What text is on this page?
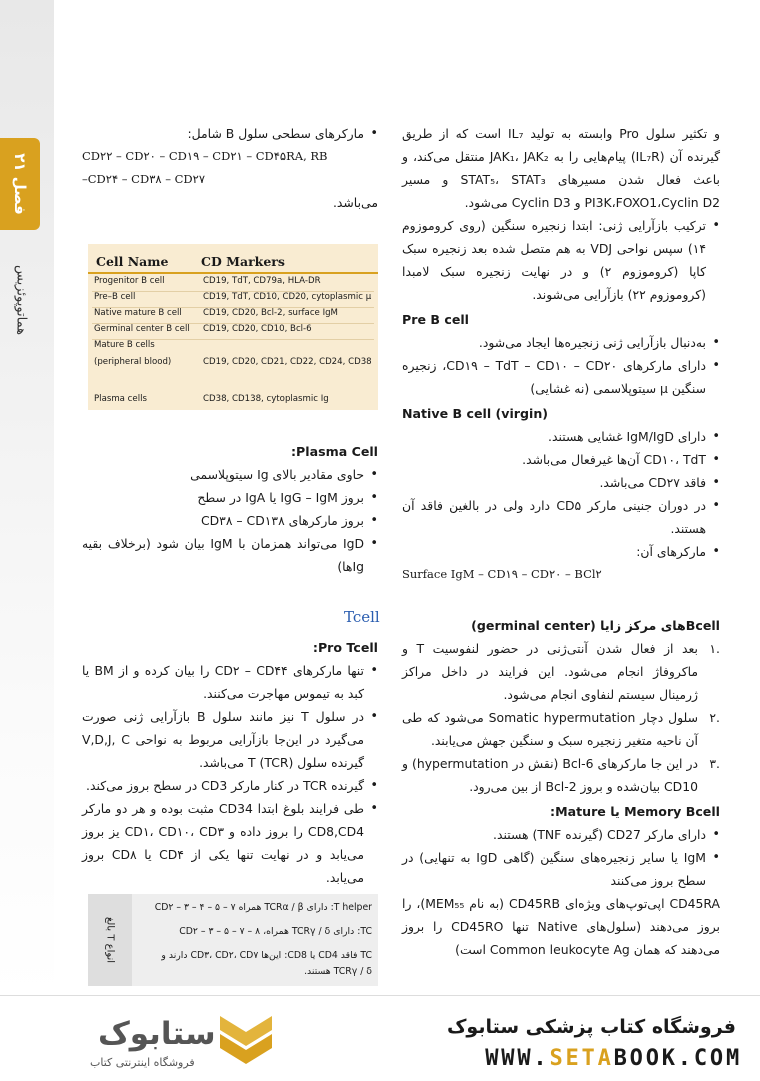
فصل ۲۱
هماتوپوئزیس

و تکثیر سلول Pro وابسته به تولید IL₇ است که از طریق گیرنده آن (IL₇R) پیام‌هایی را به JAK₁، JAK₂ منتقل می‌کند، و باعث فعال شدن مسیرهای STAT₅، STAT₃ و مسیر PI3K،FOXO1،Cyclin D2 و Cyclin D3 می‌شود.

• ترکیب بازآرایی ژنی: ابتدا زنجیره سنگین (روی کروموزوم ۱۴) سپس نواحی VDJ به هم متصل شده بعد زنجیره سبک کاپا (کروموزوم ۲) و در نهایت زنجیره سبک لامبدا (کروموزوم ۲۲) بازآرایی می‌شوند.

Pre B cell

• به‌دنبال بازآرایی ژنی زنجیره‌ها ایجاد می‌شود.

• دارای مارکرهای CD۱۹ – TdT – CD۱۰ – CD۲۰، زنجیره سنگین μ سیتوپلاسمی (نه غشایی)

Native B cell (virgin)

• دارای IgM/IgD غشایی هستند.

• CD۱۰، TdT آن‌ها غیرفعال می‌باشد.

• فاقد CD۲۷ می‌باشد.

• در دوران جنینی مارکر CD۵ دارد ولی در بالغین فاقد آن هستند.

• مارکرهای آن:

Surface IgM – CD۱۹ – CD۲۰ – BCl۲

Bcellهای مرکز زایا (germinal center)

.۱
بعد از فعال شدن آنتی‌ژنی در حضور لنفوسیت T و ماکروفاژ انجام می‌شود. این فرایند در داخل مراکز ژرمینال سیستم لنفاوی انجام می‌شود.

.۲
سلول دچار Somatic hypermutation می‌شود که طی آن ناحیه متغیر زنجیره سبک و سنگین جهش می‌یابند.

.۳
در این جا مارکرهای Bcl-6 (نقش در hypermutation) و CD10 بیان‌شده و بروز Bcl-2 از بین می‌رود.

Memory Bcell یا Mature:

• دارای مارکر CD27 (گیرنده TNF) هستند.

• IgM یا سایر زنجیره‌های سنگین (گاهی IgD به تنهایی) در سطح بروز می‌کنند

CD45RA اپی‌توپ‌های ویژه‌ای CD45RB (به نام MEM₅₅)، را بروز می‌دهند (سلول‌های Native تنها CD45RO را بروز می‌دهند که همان Common leukocyte Ag است)

• مارکرهای سطحی سلول B شامل:

CD۲۲ – CD۲۰ – CD۱۹ – CD۲۱ – CD۴۵RA, RB

–CD۲۴ – CD۳۸ – CD۲۷

می‌باشد.

Cell Name	CD Markers
Progenitor B cell	CD19, TdT, CD79a, HLA-DR
Pre–B cell	CD19, TdT, CD10, CD20, cytoplasmic μ
Native mature B cell CD19, CD20, Bcl-2, surface IgM
Germinal center B cell CD19, CD20, CD10, Bcl-6
Mature B cells
(peripheral blood)	CD19, CD20, CD21, CD22, CD24, CD38
Plasma cells	CD38, CD138, cytoplasmic Ig

Plasma Cell:

• حاوی مقادیر بالای Ig سیتوپلاسمی

• بروز IgG – IgM یا IgA در سطح

• بروز مارکرهای CD۳۸ – CD۱۳۸

• IgD می‌تواند همزمان با IgM بیان شود (برخلاف بقیه Igها)

Tcell

Pro Tcell:

• تنها مارکرهای CD۲ – CD۴۴ را بیان کرده و از BM یا کبد به تیموس مهاجرت می‌کنند.

• در سلول T نیز مانند سلول B بازآرایی ژنی صورت می‌گیرد در این‌جا بازآرایی مربوط به نواحی V,D,J, C گیرنده سلول T (TCR) می‌باشد.

• گیرنده TCR در کنار مارکر CD3 در سطح بروز می‌کند.

• طی فرایند بلوغ ابتدا CD34 مثبت بوده و هر دو مارکر CD8,CD4 را بروز داده و CD۱، CD۱۰، CD۳ یز بروز می‌یابد و در نهایت تنها یکی از CD۴ یا CD۸ بروز می‌یابد.

انواع T بالغ
T helper: دارای TCRα / β همراه CD۲ – ۳ – ۴ – ۵ – ۷
TC: دارای TCRγ / δ همراه، CD۲ – ۳ – ۵ – ۷ – ۸
TC فاقد CD4 یا CD8: این‌ها CD۳، CD۲، CD۷ دارند و TCRγ / δ هستند.
ستابوک
فروشگاه اینترنتی کتاب
فروشگاه کتاب پزشکی ستابوک
WWW.SETABOOK.COM
